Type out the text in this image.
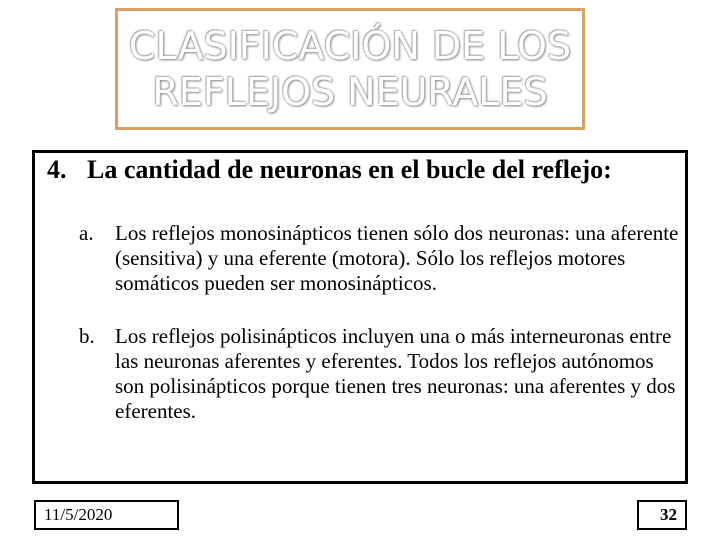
CLASIFICACIÓN DE LOS
REFLEJOS NEURALES
4. La cantidad de neuronas en el bucle del reflejo:
a. Los reflejos monosinápticos tienen sólo dos neuronas: una aferente (sensitiva) y una eferente (motora). Sólo los reflejos motores somáticos pueden ser monosinápticos.
b. Los reflejos polisinápticos incluyen una o más interneuronas entre las neuronas aferentes y eferentes. Todos los reflejos autónomos son polisinápticos porque tienen tres neuronas: una aferentes y dos eferentes.
11/5/2020	32
